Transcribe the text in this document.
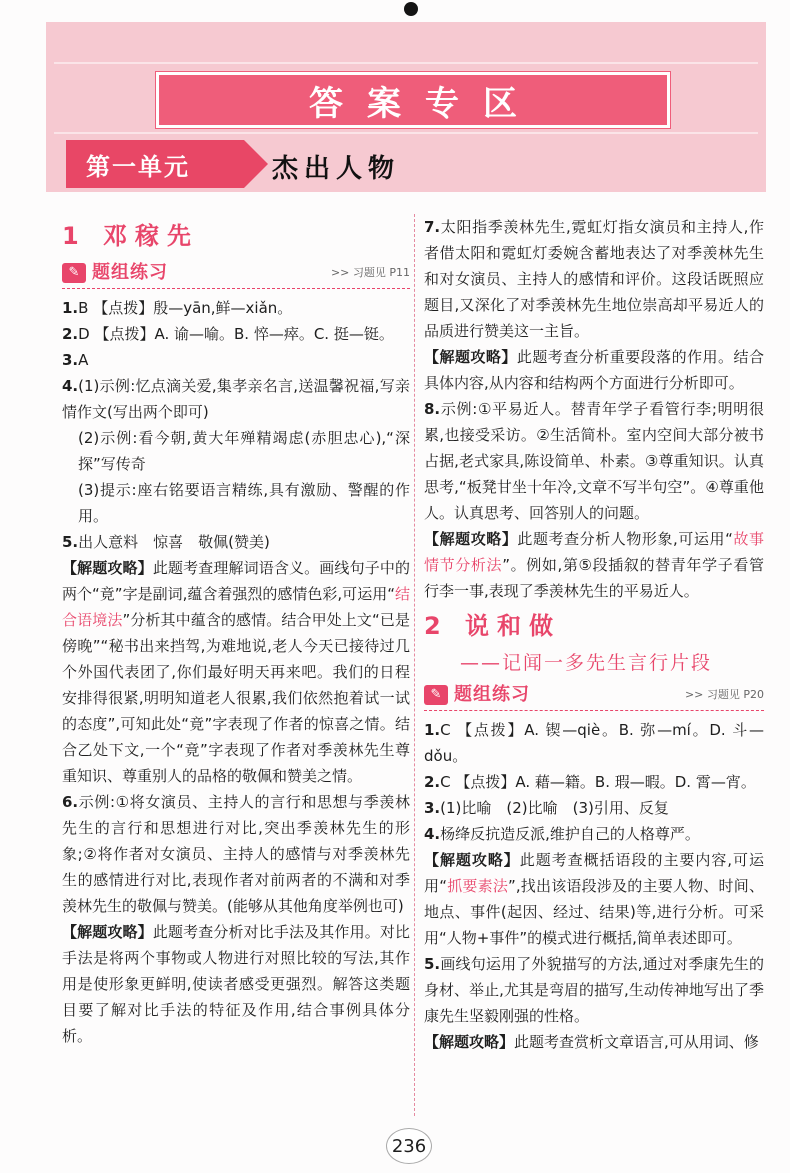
答案专区
第一单元	杰出人物
1 邓稼先
✎ 题组练习	>> 习题见 P11

1.B 【点拨】殷—yān,鲜—xiǎn。

2.D 【点拨】A. 谕—喻。B. 悴—瘁。C. 挺—铤。

3.A

4.(1)示例:忆点滴关爱,集孝亲名言,送温馨祝福,写亲情作文(写出两个即可)

(2)示例:看今朝,黄大年殚精竭虑(赤胆忠心),“深探”写传奇

(3)提示:座右铭要语言精练,具有激励、警醒的作用。

5.出人意料　惊喜　敬佩(赞美)

【解题攻略】此题考查理解词语含义。画线句子中的两个“竟”字是副词,蕴含着强烈的感情色彩,可运用“结合语境法”分析其中蕴含的感情。结合甲处上文“已是傍晚”“秘书出来挡驾,为难地说,老人今天已接待过几个外国代表团了,你们最好明天再来吧。我们的日程安排得很紧,明明知道老人很累,我们依然抱着试一试的态度”,可知此处“竟”字表现了作者的惊喜之情。结合乙处下文,一个“竟”字表现了作者对季羡林先生尊重知识、尊重别人的品格的敬佩和赞美之情。

6.示例:①将女演员、主持人的言行和思想与季羡林先生的言行和思想进行对比,突出季羡林先生的形象;②将作者对女演员、主持人的感情与对季羡林先生的感情进行对比,表现作者对前两者的不满和对季羡林先生的敬佩与赞美。(能够从其他角度举例也可)

【解题攻略】此题考查分析对比手法及其作用。对比手法是将两个事物或人物进行对照比较的写法,其作用是使形象更鲜明,使读者感受更强烈。解答这类题目要了解对比手法的特征及作用,结合事例具体分析。

7.太阳指季羡林先生,霓虹灯指女演员和主持人,作者借太阳和霓虹灯委婉含蓄地表达了对季羡林先生和对女演员、主持人的感情和评价。这段话既照应题目,又深化了对季羡林先生地位崇高却平易近人的品质进行赞美这一主旨。

【解题攻略】此题考查分析重要段落的作用。结合具体内容,从内容和结构两个方面进行分析即可。

8.示例:①平易近人。替青年学子看管行李;明明很累,也接受采访。②生活简朴。室内空间大部分被书占据,老式家具,陈设简单、朴素。③尊重知识。认真思考,“板凳甘坐十年冷,文章不写半句空”。④尊重他人。认真思考、回答别人的问题。

【解题攻略】此题考查分析人物形象,可运用“故事情节分析法”。例如,第⑤段插叙的替青年学子看管行李一事,表现了季羡林先生的平易近人。

2 说和做
——记闻一多先生言行片段
✎ 题组练习	>> 习题见 P20

1.C 【点拨】A. 锲—qiè。B. 弥—mí。D. 斗—dǒu。

2.C 【点拨】A. 藉—籍。B. 瑕—暇。D. 霄—宵。

3.(1)比喻　(2)比喻　(3)引用、反复

4.杨绛反抗造反派,维护自己的人格尊严。

【解题攻略】此题考查概括语段的主要内容,可运用“抓要素法”,找出该语段涉及的主要人物、时间、地点、事件(起因、经过、结果)等,进行分析。可采用“人物+事件”的模式进行概括,简单表述即可。

5.画线句运用了外貌描写的方法,通过对季康先生的身材、举止,尤其是弯眉的描写,生动传神地写出了季康先生坚毅刚强的性格。

【解题攻略】此题考查赏析文章语言,可从用词、修

236
